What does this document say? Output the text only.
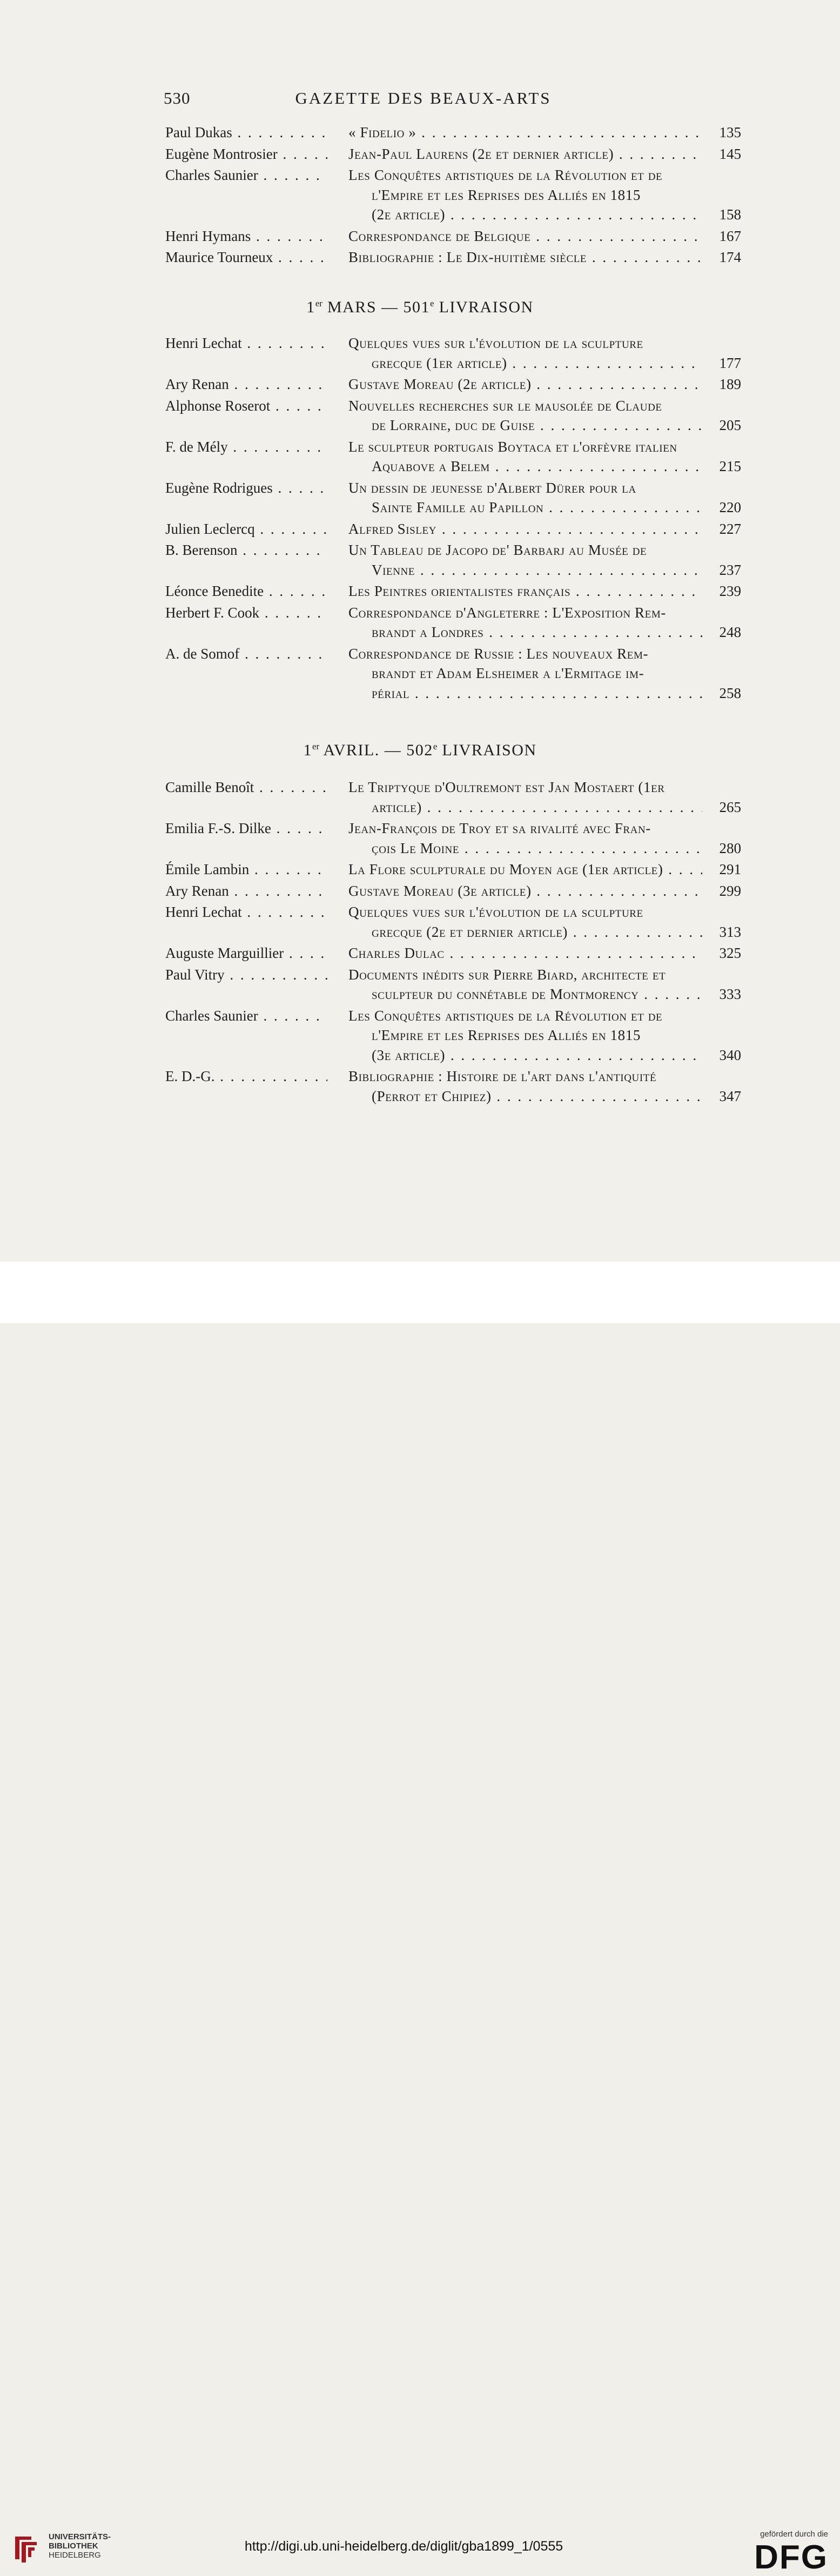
530	GAZETTE DES BEAUX-ARTS
Paul Dukas . . .	« Fidelio » . . .	135
Eugène Montrosier . . .	Jean-Paul Laurens (2e et dernier article) . . .	145
Charles Saunier . . .	Les Conquêtes artistiques de la Révolution et de
l'Empire et les Reprises des Alliés en 1815
(2e article) . . .	158
Henri Hymans . . .	Correspondance de Belgique . . .	167
Maurice Tourneux . . .	Bibliographie : Le Dix-huitième siècle . . .	174
1er MARS — 501e LIVRAISON
Henri Lechat . . .	Quelques vues sur l'évolution de la sculpture
grecque (1er article) . . .	177
Ary Renan . . .	Gustave Moreau (2e article) . . .	189
Alphonse Roserot . . .	Nouvelles recherches sur le mausolée de Claude
de Lorraine, duc de Guise . . .	205
F. de Mély . . .	Le sculpteur portugais Boytaca et l'orfèvre italien
Aquabove a Belem . . .	215
Eugène Rodrigues . . .	Un dessin de jeunesse d'Albert Dürer pour la
Sainte Famille au Papillon . . .	220
Julien Leclercq . . .	Alfred Sisley . . .	227
B. Berenson . . .	Un Tableau de Jacopo de' Barbarj au Musée de
Vienne . . .	237
Léonce Benedite . . .	Les Peintres orientalistes français . . .	239
Herbert F. Cook . . .	Correspondance d'Angleterre : L'Exposition Rem-
brandt a Londres . . .	248
A. de Somof . . .	Correspondance de Russie : Les nouveaux Rem-
brandt et Adam Elsheimer a l'Ermitage im-
périal . . .	258
1er AVRIL. — 502e LIVRAISON
Camille Benoît . . .	Le Triptyque d'Oultremont est Jan Mostaert (1er
article) . . .	265
Emilia F.-S. Dilke . . .	Jean-François de Troy et sa rivalité avec Fran-
çois Le Moine . . .	280
Émile Lambin . . .	La Flore sculpturale du Moyen age (1er article) . . .	291
Ary Renan . . .	Gustave Moreau (3e article) . . .	299
Henri Lechat . . .	Quelques vues sur l'évolution de la sculpture
grecque (2e et dernier article) . . .	313
Auguste Marguillier . . .	Charles Dulac . . .	325
Paul Vitry . . .	Documents inédits sur Pierre Biard, architecte et
sculpteur du connétable de Montmorency . . .	333
Charles Saunier . . .	Les Conquêtes artistiques de la Révolution et de
l'Empire et les Reprises des Alliés en 1815
(3e article) . . .	340
E. D.-G. . . .	Bibliographie : Histoire de l'art dans l'antiquité
(Perrot et Chipiez) . . .	347
UNIVERSITÄTS-
BIBLIOTHEK
HEIDELBERG
http://digi.ub.uni-heidelberg.de/diglit/gba1899_1/0555
gefördert durch die
DFG
